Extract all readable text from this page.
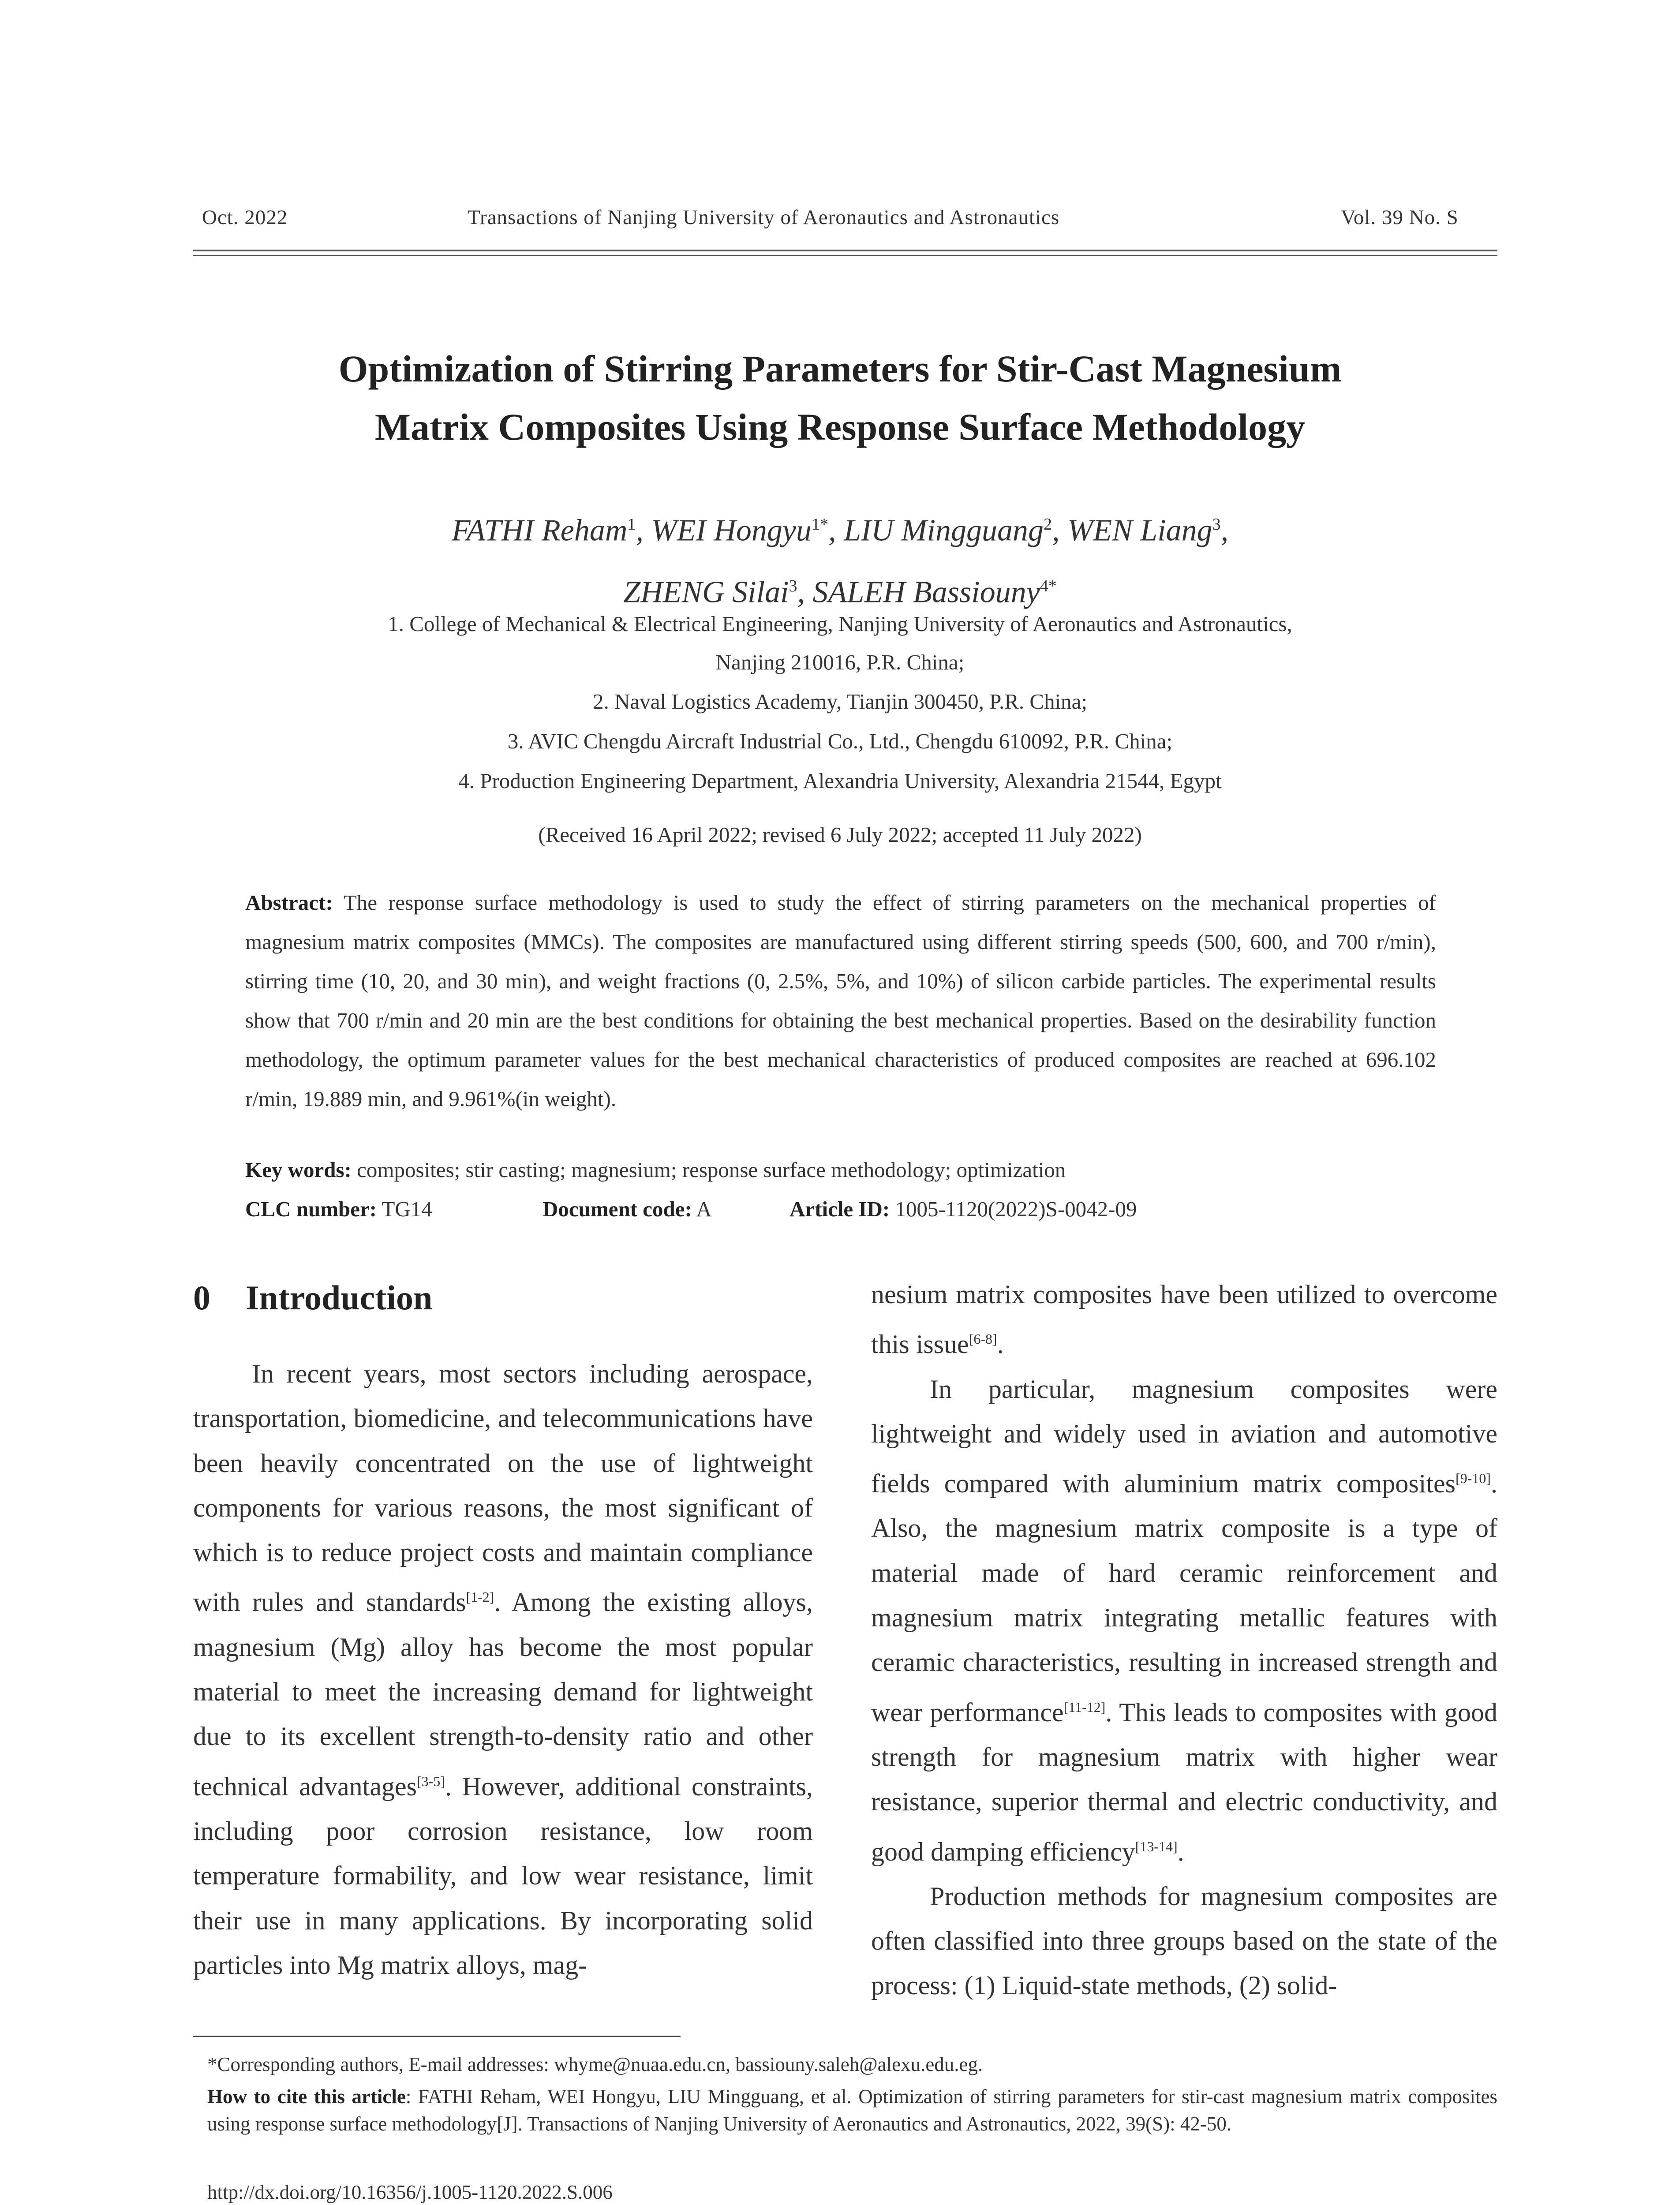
Oct. 2022	Transactions of Nanjing University of Aeronautics and Astronautics	Vol. 39 No. S
Optimization of Stirring Parameters for Stir-Cast Magnesium
Matrix Composites Using Response Surface Methodology
FATHI Reham$^1$, WEI Hongyu$^{1*}$, LIU Mingguang$^2$, WEN Liang$^3$,
ZHENG Silai$^3$, SALEH Bassiouny$^{4*}$
1. College of Mechanical & Electrical Engineering, Nanjing University of Aeronautics and Astronautics,
Nanjing 210016, P.R. China;
2. Naval Logistics Academy, Tianjin 300450, P.R. China;
3. AVIC Chengdu Aircraft Industrial Co., Ltd., Chengdu 610092, P.R. China;
4. Production Engineering Department, Alexandria University, Alexandria 21544, Egypt
(Received 16 April 2022; revised 6 July 2022; accepted 11 July 2022)
Abstract: The response surface methodology is used to study the effect of stirring parameters on the mechanical properties of magnesium matrix composites (MMCs). The composites are manufactured using different stirring speeds (500, 600, and 700 r/min), stirring time (10, 20, and 30 min), and weight fractions (0, 2.5%, 5%, and 10%) of silicon carbide particles. The experimental results show that 700 r/min and 20 min are the best conditions for obtaining the best mechanical properties. Based on the desirability function methodology, the optimum parameter values for the best mechanical characteristics of produced composites are reached at 696.102 r/min, 19.889 min, and 9.961%(in weight).
Key words: composites; stir casting; magnesium; response surface methodology; optimization
CLC number: TG14	Document code: A	Article ID: 1005-1120(2022)S-0042-09
0 Introduction

In recent years, most sectors including aerospace, transportation, biomedicine, and telecommunications have been heavily concentrated on the use of lightweight components for various reasons, the most significant of which is to reduce project costs and maintain compliance with rules and standards[1-2]. Among the existing alloys, magnesium (Mg) alloy has become the most popular material to meet the increasing demand for lightweight due to its excellent strength-to-density ratio and other technical advantages[3-5]. However, additional constraints, including poor corrosion resistance, low room temperature formability, and low wear resistance, limit their use in many applications. By incorporating solid particles into Mg matrix alloys, mag-

nesium matrix composites have been utilized to overcome this issue[6-8].

In particular, magnesium composites were lightweight and widely used in aviation and automotive fields compared with aluminium matrix composites[9-10]. Also, the magnesium matrix composite is a type of material made of hard ceramic reinforcement and magnesium matrix integrating metallic features with ceramic characteristics, resulting in increased strength and wear performance[11-12]. This leads to composites with good strength for magnesium matrix with higher wear resistance, superior thermal and electric conductivity, and good damping efficiency[13-14].

Production methods for magnesium composites are often classified into three groups based on the state of the process: (1) Liquid-state methods, (2) solid-

*Corresponding authors, E-mail addresses: whyme@nuaa.edu.cn, bassiouny.saleh@alexu.edu.eg.
How to cite this article: FATHI Reham, WEI Hongyu, LIU Mingguang, et al. Optimization of stirring parameters for stir-cast magnesium matrix composites using response surface methodology[J]. Transactions of Nanjing University of Aeronautics and Astronautics, 2022, 39(S): 42-50.
http://dx.doi.org/10.16356/j.1005-1120.2022.S.006
